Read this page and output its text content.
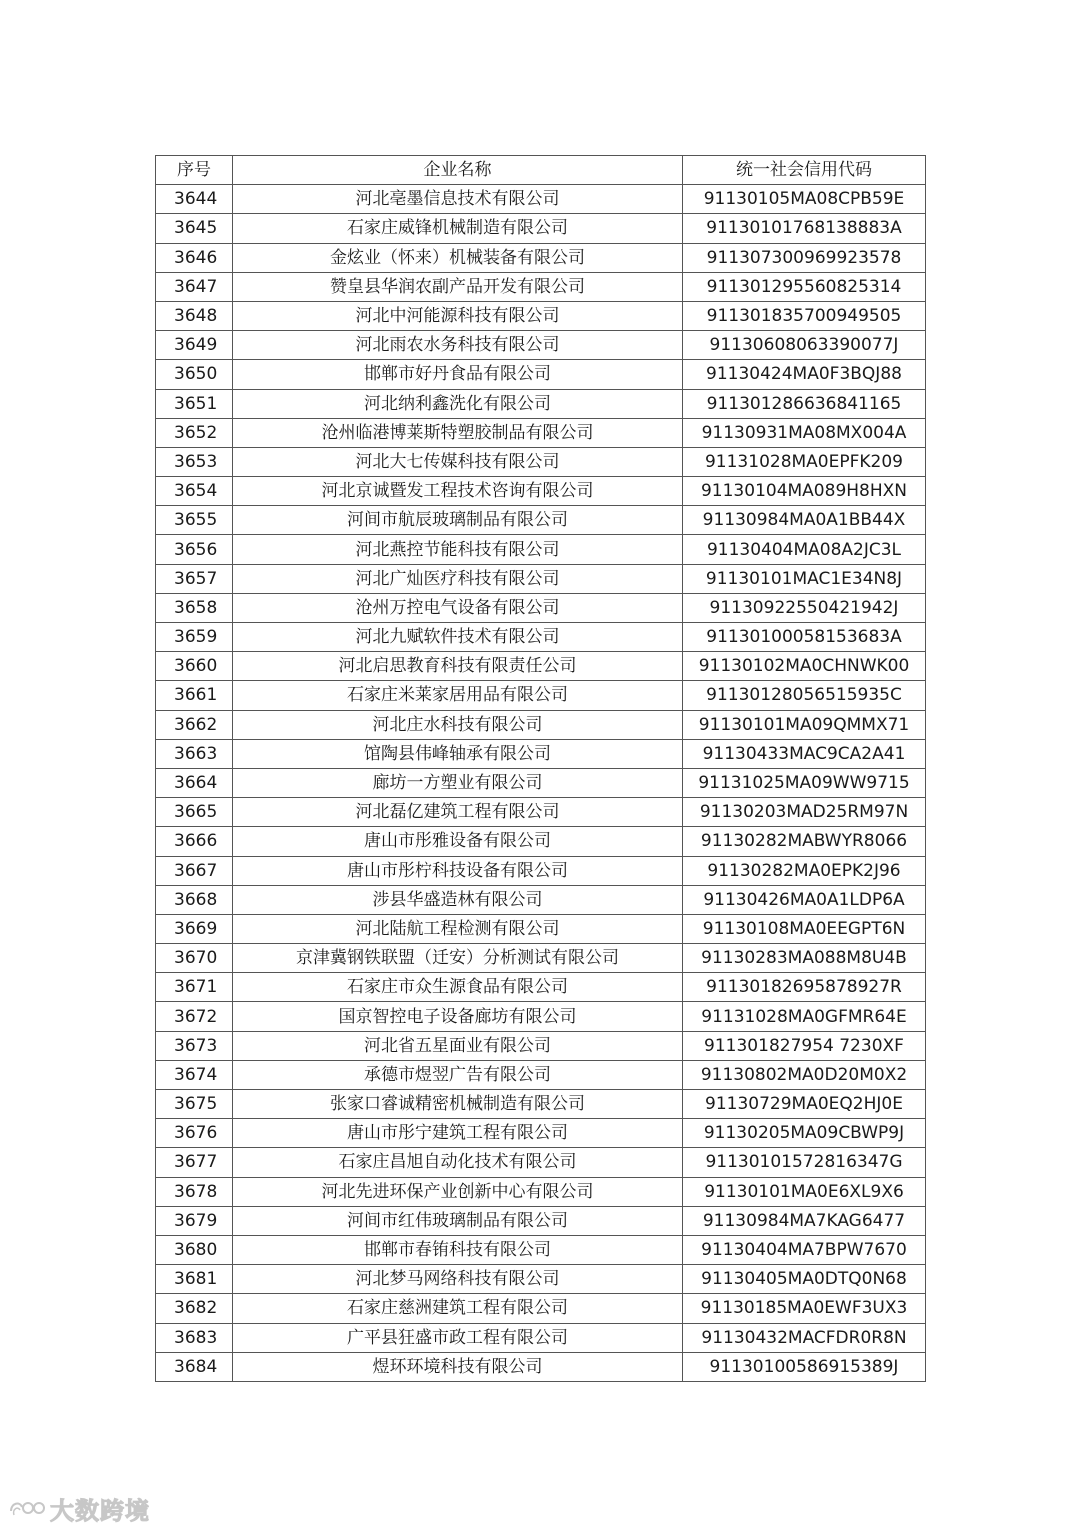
序号	企业名称	统一社会信用代码
3644	河北亳墨信息技术有限公司	91130105MA08CPB59E
3645	石家庄威锋机械制造有限公司	91130101768138883A
3646	金炫业（怀来）机械装备有限公司	911307300969923578
3647	赞皇县华润农副产品开发有限公司	911301295560825314
3648	河北中河能源科技有限公司	911301835700949505
3649	河北雨农水务科技有限公司	91130608063390077J
3650	邯郸市好丹食品有限公司	91130424MA0F3BQJ88
3651	河北纳利鑫洗化有限公司	911301286636841165
3652	沧州临港博莱斯特塑胶制品有限公司	91130931MA08MX004A
3653	河北大七传媒科技有限公司	91131028MA0EPFK209
3654	河北京诚暨发工程技术咨询有限公司	91130104MA089H8HXN
3655	河间市航辰玻璃制品有限公司	91130984MA0A1BB44X
3656	河北燕控节能科技有限公司	91130404MA08A2JC3L
3657	河北广灿医疗科技有限公司	91130101MAC1E34N8J
3658	沧州万控电气设备有限公司	91130922550421942J
3659	河北九赋软件技术有限公司	91130100058153683A
3660	河北启思教育科技有限责任公司	91130102MA0CHNWK00
3661	石家庄米莱家居用品有限公司	91130128056515935C
3662	河北庄水科技有限公司	91130101MA09QMMX71
3663	馆陶县伟峰轴承有限公司	91130433MAC9CA2A41
3664	廊坊一方塑业有限公司	91131025MA09WW9715
3665	河北磊亿建筑工程有限公司	91130203MAD25RM97N
3666	唐山市彤雅设备有限公司	91130282MABWYR8066
3667	唐山市彤柠科技设备有限公司	91130282MA0EPK2J96
3668	涉县华盛造林有限公司	91130426MA0A1LDP6A
3669	河北陆航工程检测有限公司	91130108MA0EEGPT6N
3670	京津冀钢铁联盟（迁安）分析测试有限公司	91130283MA088M8U4B
3671	石家庄市众生源食品有限公司	91130182695878927R
3672	国京智控电子设备廊坊有限公司	91131028MA0GFMR64E
3673	河北省五星面业有限公司	911301827954 7230XF
3674	承德市煜翌广告有限公司	91130802MA0D20M0X2
3675	张家口睿诚精密机械制造有限公司	91130729MA0EQ2HJ0E
3676	唐山市彤宁建筑工程有限公司	91130205MA09CBWP9J
3677	石家庄昌旭自动化技术有限公司	91130101572816347G
3678	河北先进环保产业创新中心有限公司	91130101MA0E6XL9X6
3679	河间市红伟玻璃制品有限公司	91130984MA7KAG6477
3680	邯郸市春铕科技有限公司	91130404MA7BPW7670
3681	河北梦马网络科技有限公司	91130405MA0DTQ0N68
3682	石家庄慈洲建筑工程有限公司	91130185MA0EWF3UX3
3683	广平县狂盛市政工程有限公司	91130432MACFDR0R8N
3684	煜环环境科技有限公司	91130100586915389J
大数跨境
